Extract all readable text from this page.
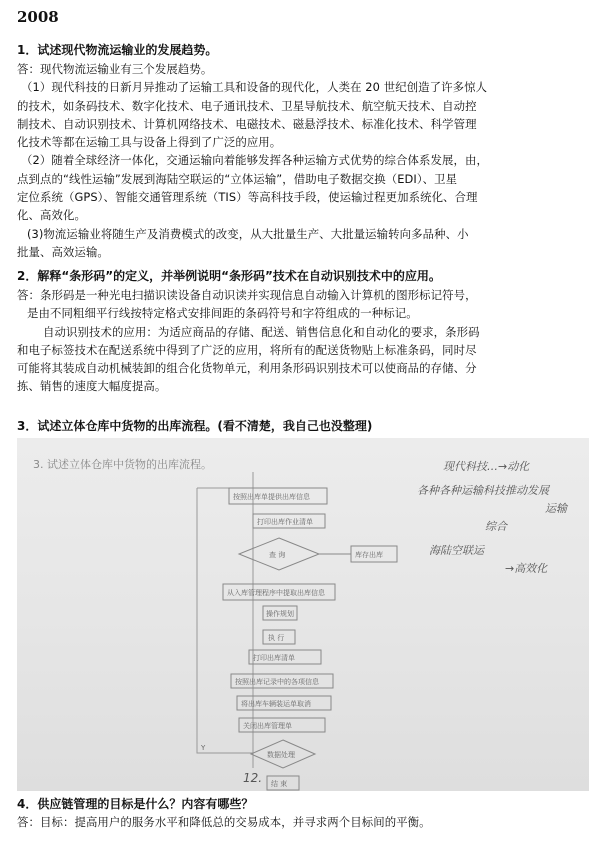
2008
1．试述现代物流运输业的发展趋势。
答：现代物流运输业有三个发展趋势。
（1）现代科技的日新月异推动了运输工具和设备的现代化，人类在 20 世纪创造了许多惊人
的技术，如条码技术、数字化技术、电子通讯技术、卫星导航技术、航空航天技术、自动控
制技术、自动识别技术、计算机网络技术、电磁技术、磁悬浮技术、标准化技术、科学管理
化技术等都在运输工具与设备上得到了广泛的应用。
（2）随着全球经济一体化，交通运输向着能够发挥各种运输方式优势的综合体系发展，由，
点到点的“线性运输”发展到海陆空联运的“立体运输”，借助电子数据交换（EDI）、卫星
定位系统（GPS）、智能交通管理系统（TIS）等高科技手段，使运输过程更加系统化、合理
化、高效化。
(3)物流运输业将随生产及消费模式的改变，从大批量生产、大批量运输转向多品种、小
批量、高效运输。
2．解释“条形码”的定义，并举例说明“条形码”技术在自动识别技术中的应用。
答：条形码是一种光电扫描识读设备自动识读并实现信息自动输入计算机的图形标记符号，
是由不同粗细平行线按特定格式安排间距的条码符号和字符组成的一种标记。
自动识别技术的应用：为适应商品的存储、配送、销售信息化和自动化的要求，条形码
和电子标签技术在配送系统中得到了广泛的应用，将所有的配送货物贴上标准条码，同时尽
可能将其装成自动机械装卸的组合化货物单元，利用条形码识别技术可以使商品的存储、分
拣、销售的速度大幅度提高。
3．试述立体仓库中货物的出库流程。(看不清楚，我自己也没整理)
3. 试述立体仓库中货物的出库流程。	现代科技…→动化
各种各种运输科技推动发展
运输
综合
海陆空联运
→高效化
Y
12.
按照出库单提供出库信息
打印出库作业清单
查 询	库存出库
从入库管理程序中提取出库信息
操作规划
执 行
打印出库清单
按照出库记录中的各项信息
将出库车辆装运单取消
关闭出库管理单
数据处理
结 束
4．供应链管理的目标是什么？内容有哪些？
答：目标：提高用户的服务水平和降低总的交易成本，并寻求两个目标间的平衡。
